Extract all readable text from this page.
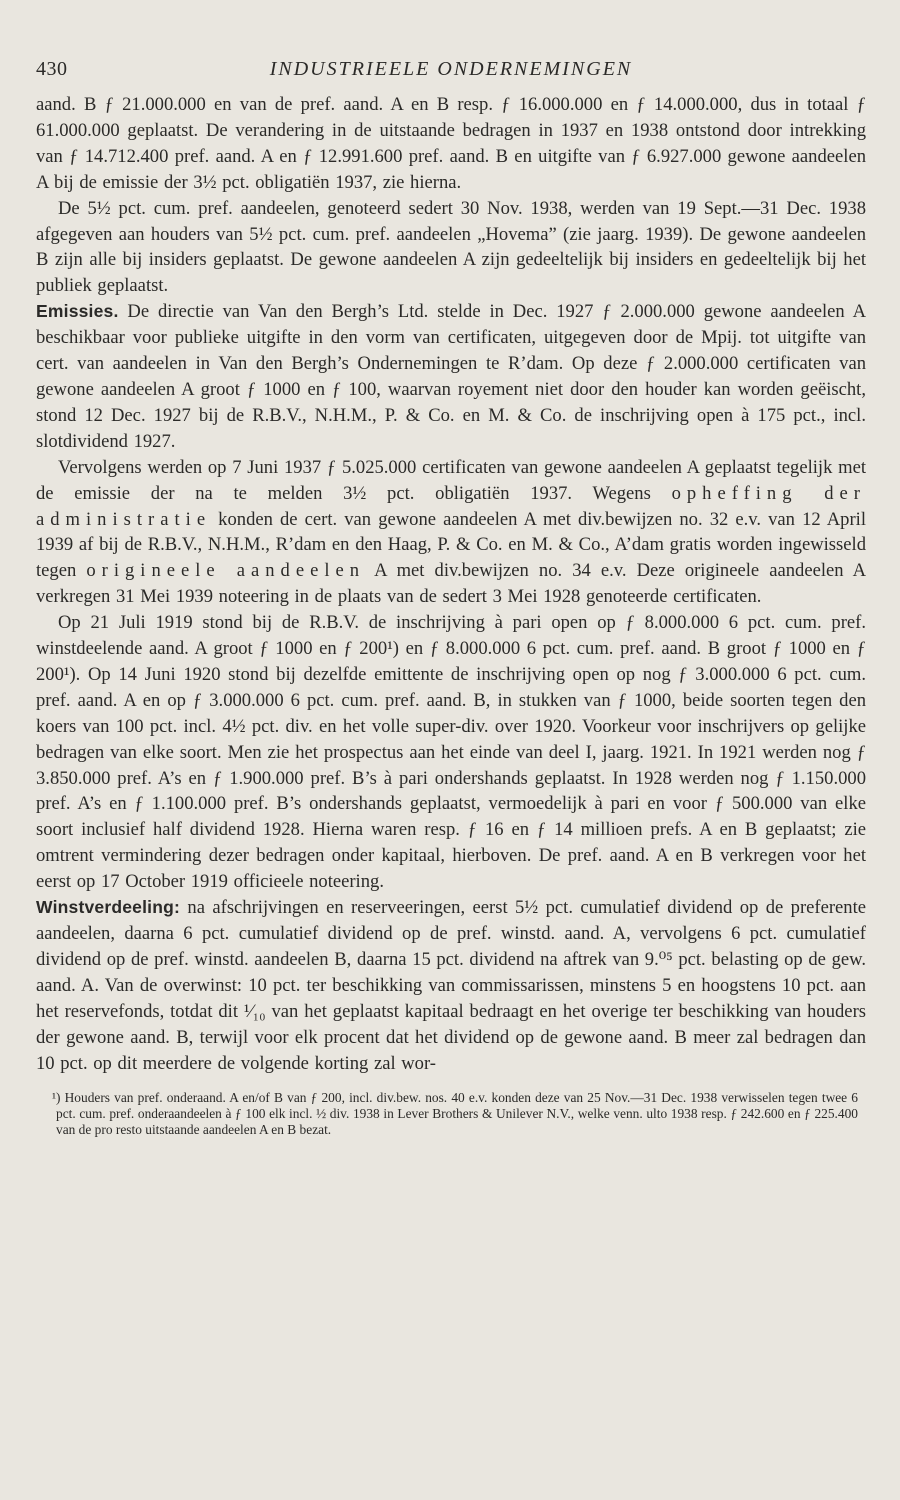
430	INDUSTRIEELE ONDERNEMINGEN

aand. B ƒ 21.000.000 en van de pref. aand. A en B resp. ƒ 16.000.000 en ƒ 14.000.000, dus in totaal ƒ 61.000.000 geplaatst. De verandering in de uitstaande bedragen in 1937 en 1938 ontstond door intrekking van ƒ 14.712.400 pref. aand. A en ƒ 12.991.600 pref. aand. B en uitgifte van ƒ 6.927.000 gewone aandeelen A bij de emissie der 3½ pct. obligatiën 1937, zie hierna.

De 5½ pct. cum. pref. aandeelen, genoteerd sedert 30 Nov. 1938, werden van 19 Sept.—31 Dec. 1938 afgegeven aan houders van 5½ pct. cum. pref. aandeelen „Hovema” (zie jaarg. 1939). De gewone aandeelen B zijn alle bij insiders geplaatst. De gewone aandeelen A zijn gedeeltelijk bij insiders en gedeeltelijk bij het publiek geplaatst.

Emissies. De directie van Van den Bergh’s Ltd. stelde in Dec. 1927 ƒ 2.000.000 gewone aandeelen A beschikbaar voor publieke uitgifte in den vorm van certificaten, uitgegeven door de Mpij. tot uitgifte van cert. van aandeelen in Van den Bergh’s Ondernemingen te R’dam. Op deze ƒ 2.000.000 certificaten van gewone aandeelen A groot ƒ 1000 en ƒ 100, waarvan royement niet door den houder kan worden geëischt, stond 12 Dec. 1927 bij de R.B.V., N.H.M., P. & Co. en M. & Co. de inschrijving open à 175 pct., incl. slotdividend 1927.

Vervolgens werden op 7 Juni 1937 ƒ 5.025.000 certificaten van gewone aandeelen A geplaatst tegelijk met de emissie der na te melden 3½ pct. obligatiën 1937. Wegens opheffing der administratie konden de cert. van gewone aandeelen A met div.bewijzen no. 32 e.v. van 12 April 1939 af bij de R.B.V., N.H.M., R’dam en den Haag, P. & Co. en M. & Co., A’dam gratis worden ingewisseld tegen origineele aandeelen A met div.bewijzen no. 34 e.v. Deze origineele aandeelen A verkregen 31 Mei 1939 noteering in de plaats van de sedert 3 Mei 1928 genoteerde certificaten.

Op 21 Juli 1919 stond bij de R.B.V. de inschrijving à pari open op ƒ 8.000.000 6 pct. cum. pref. winstdeelende aand. A groot ƒ 1000 en ƒ 200¹) en ƒ 8.000.000 6 pct. cum. pref. aand. B groot ƒ 1000 en ƒ 200¹). Op 14 Juni 1920 stond bij dezelfde emittente de inschrijving open op nog ƒ 3.000.000 6 pct. cum. pref. aand. A en op ƒ 3.000.000 6 pct. cum. pref. aand. B, in stukken van ƒ 1000, beide soorten tegen den koers van 100 pct. incl. 4½ pct. div. en het volle super-div. over 1920. Voorkeur voor inschrijvers op gelijke bedragen van elke soort. Men zie het prospectus aan het einde van deel I, jaarg. 1921. In 1921 werden nog ƒ 3.850.000 pref. A’s en ƒ 1.900.000 pref. B’s à pari ondershands geplaatst. In 1928 werden nog ƒ 1.150.000 pref. A’s en ƒ 1.100.000 pref. B’s ondershands geplaatst, vermoedelijk à pari en voor ƒ 500.000 van elke soort inclusief half dividend 1928. Hierna waren resp. ƒ 16 en ƒ 14 millioen prefs. A en B geplaatst; zie omtrent vermindering dezer bedragen onder kapitaal, hierboven. De pref. aand. A en B verkregen voor het eerst op 17 October 1919 officieele noteering.

Winstverdeeling: na afschrijvingen en reserveeringen, eerst 5½ pct. cumulatief dividend op de preferente aandeelen, daarna 6 pct. cumulatief dividend op de pref. winstd. aand. A, vervolgens 6 pct. cumulatief dividend op de pref. winstd. aandeelen B, daarna 15 pct. dividend na aftrek van 9.⁰⁵ pct. belasting op de gew. aand. A. Van de overwinst: 10 pct. ter beschikking van commissarissen, minstens 5 en hoogstens 10 pct. aan het reservefonds, totdat dit ¹⁄₁₀ van het geplaatst kapitaal bedraagt en het overige ter beschikking van houders der gewone aand. B, terwijl voor elk procent dat het dividend op de gewone aand. B meer zal bedragen dan 10 pct. op dit meerdere de volgende korting zal wor-

¹) Houders van pref. onderaand. A en/of B van ƒ 200, incl. div.bew. nos. 40 e.v. konden deze van 25 Nov.—31 Dec. 1938 verwisselen tegen twee 6 pct. cum. pref. onderaandeelen à ƒ 100 elk incl. ½ div. 1938 in Lever Brothers & Unilever N.V., welke venn. ulto 1938 resp. ƒ 242.600 en ƒ 225.400 van de pro resto uitstaande aandeelen A en B bezat.
